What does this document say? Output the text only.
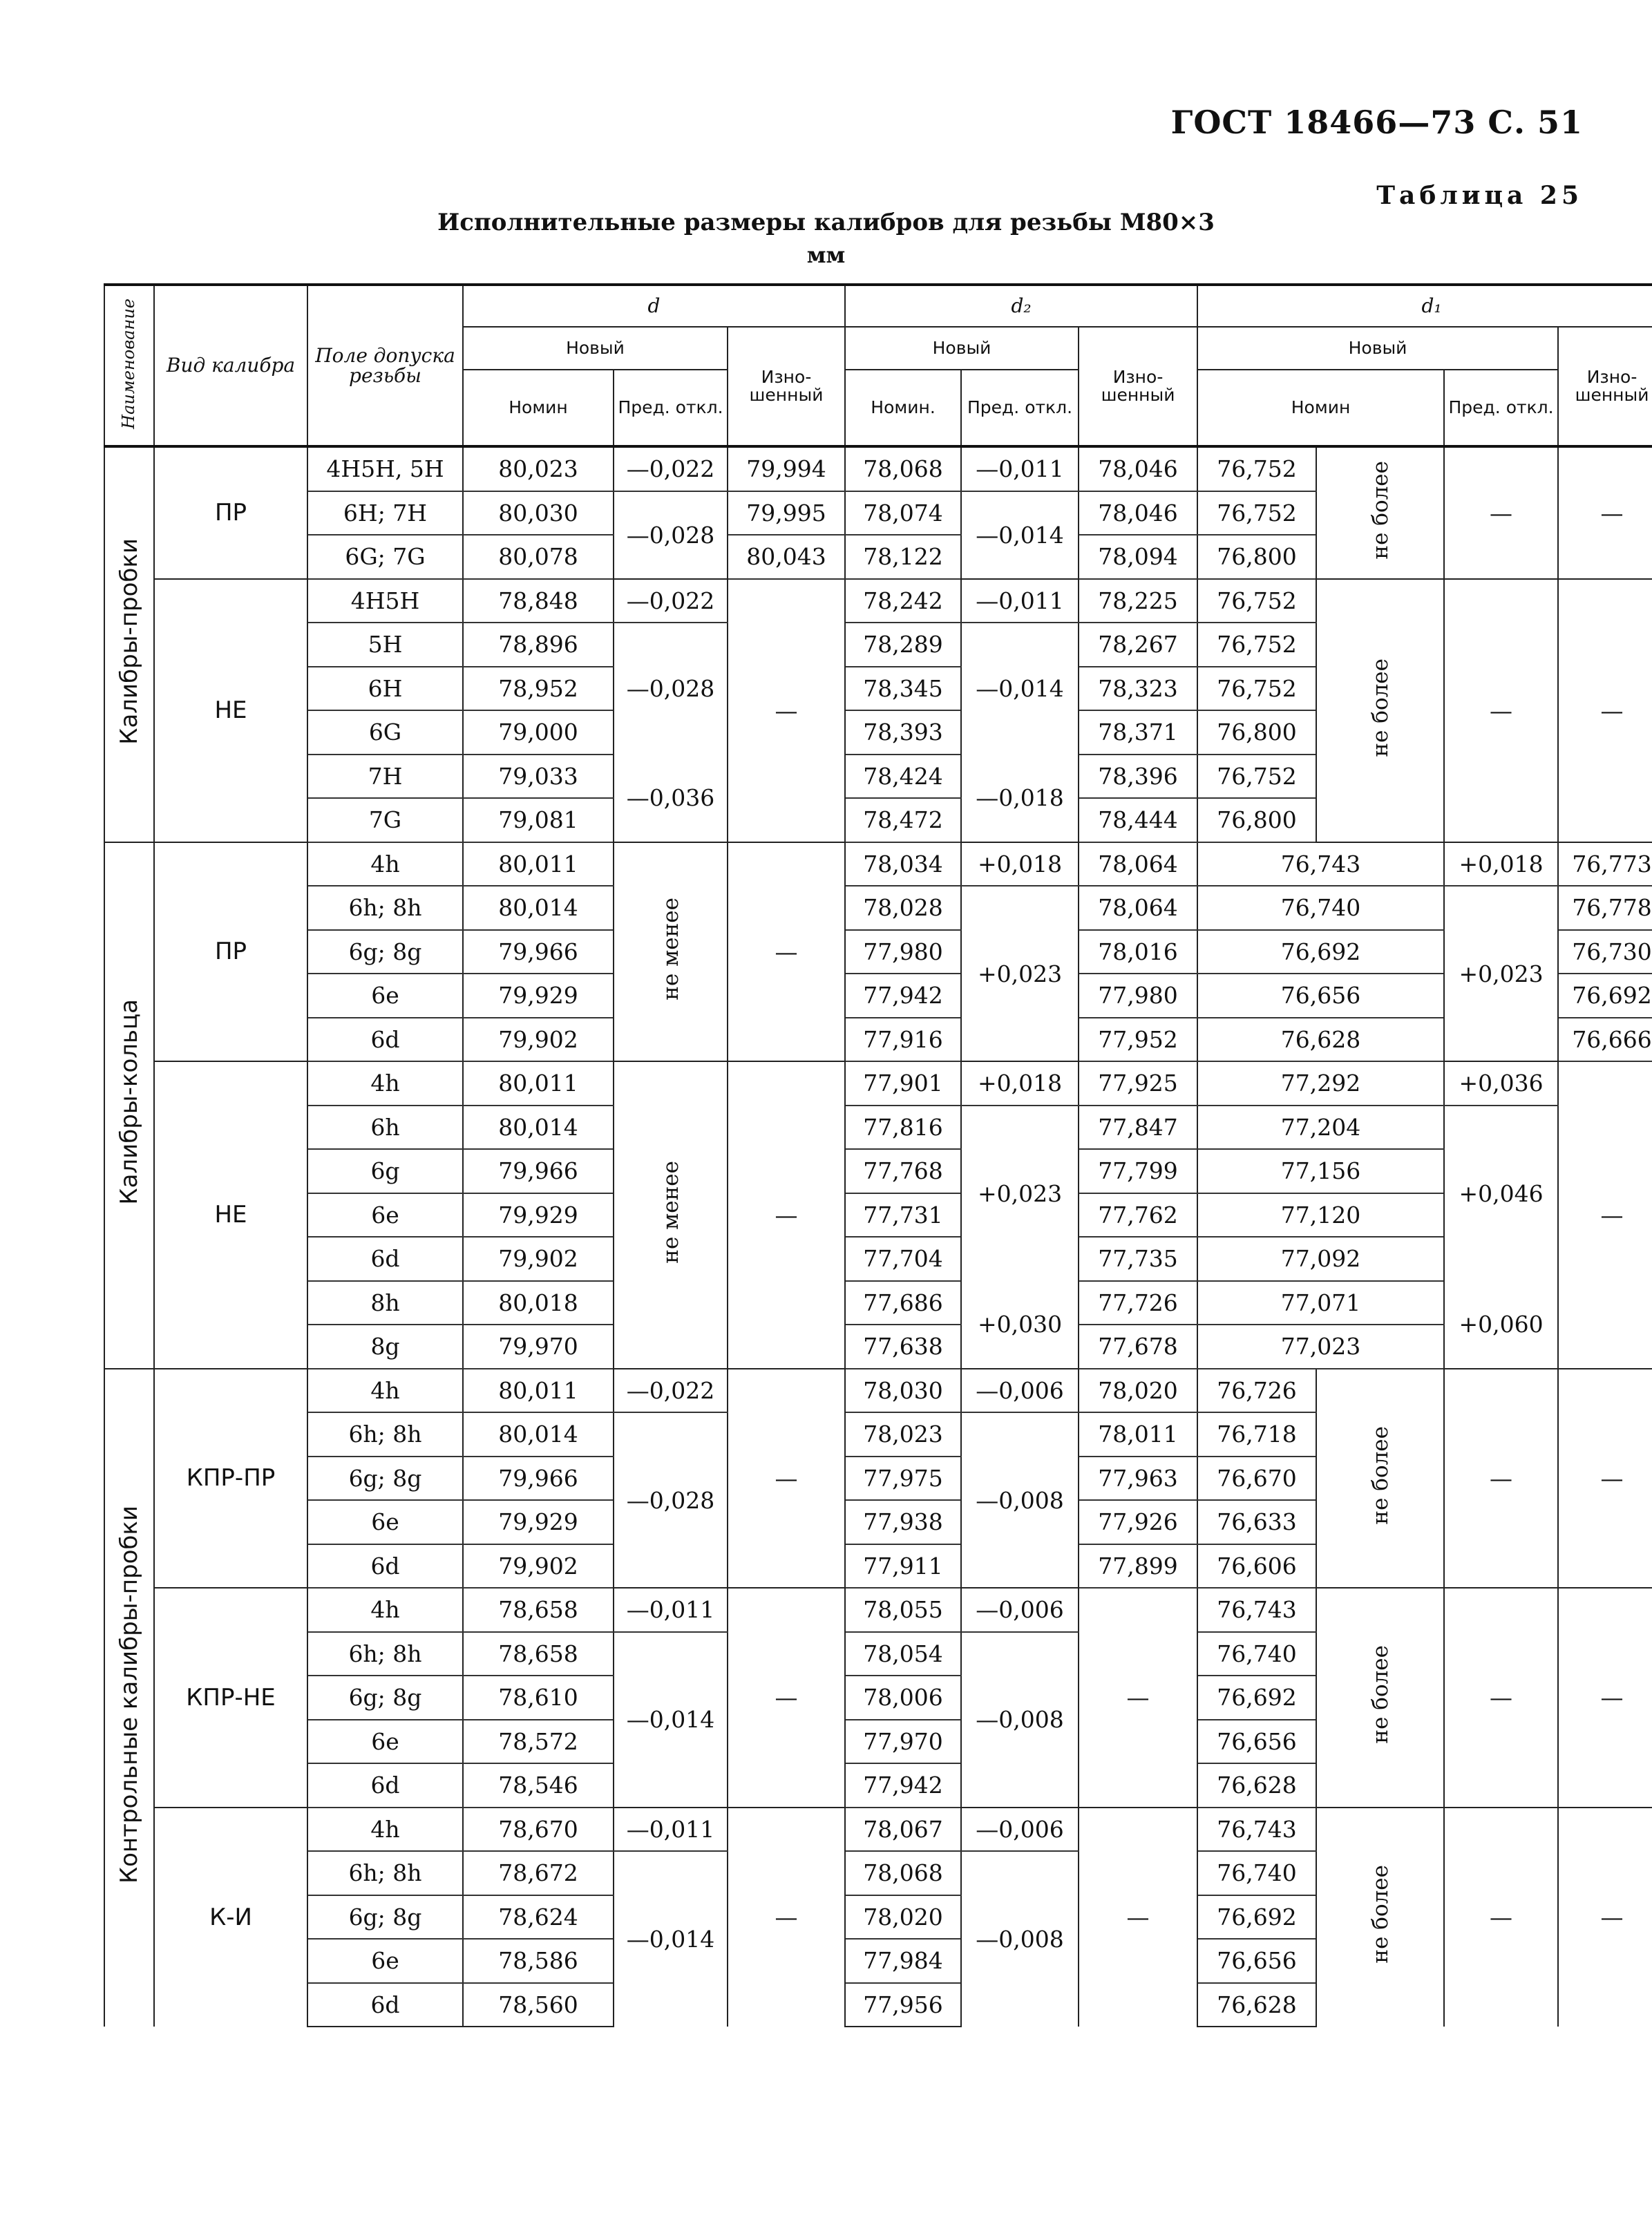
ГОСТ 18466—73 С. 51
Таблица 25
Исполнительные размеры калибров для резьбы М80×3
мм
Наименование	Вид калибра	Поле допуска резьбы	d			d₂			d₁			
			Новый		Изношенный	Новый		Изношенный	Новый			Изношенный
			Номин	Пред. откл.		Номин.	Пред. откл.		Номин		Пред. откл.	
Калибры-пробки	ПР	4H5H, 5H	80,023	—0,022	79,994	78,068	—0,011	78,046	76,752	не более	—	—
		6H; 7H	80,030	—0,028	79,995	78,074	—0,014	78,046	76,752			
		6G; 7G	80,078		80,043	78,122		78,094	76,800			
	НЕ	4H5H	78,848	—0,022	—	78,242	—0,011	78,225	76,752	не более	—	—
		5H	78,896	—0,028		78,289	—0,014	78,267	76,752			
		6H	78,952			78,345		78,323	76,752			
		6G	79,000			78,393		78,371	76,800			
		7H	79,033	—0,036		78,424	—0,018	78,396	76,752			
		7G	79,081			78,472		78,444	76,800			
Калибры-кольца	ПР	4h	80,011	не менее	—	78,034	+0,018	78,064	76,743		+0,018	76,773
		6h; 8h	80,014			78,028	+0,023	78,064	76,740		+0,023	76,778
		6g; 8g	79,966			77,980		78,016	76,692			76,730
		6e	79,929			77,942		77,980	76,656			76,692
		6d	79,902			77,916		77,952	76,628			76,666
	НЕ	4h	80,011	не менее	—	77,901	+0,018	77,925	77,292		+0,036	—
		6h	80,014			77,816	+0,023	77,847	77,204		+0,046	
		6g	79,966			77,768		77,799	77,156			
		6e	79,929			77,731		77,762	77,120			
		6d	79,902			77,704		77,735	77,092			
		8h	80,018			77,686	+0,030	77,726	77,071		+0,060	
		8g	79,970			77,638		77,678	77,023			
Контрольные калибры-пробки	КПР-ПР	4h	80,011	—0,022	—	78,030	—0,006	78,020	76,726	не более	—	—
		6h; 8h	80,014	—0,028		78,023	—0,008	78,011	76,718			
		6g; 8g	79,966			77,975		77,963	76,670			
		6e	79,929			77,938		77,926	76,633			
		6d	79,902			77,911		77,899	76,606			
	КПР-НЕ	4h	78,658	—0,011	—	78,055	—0,006	—	76,743	не более	—	—
		6h; 8h	78,658	—0,014		78,054	—0,008		76,740			
		6g; 8g	78,610			78,006			76,692			
		6e	78,572			77,970			76,656			
		6d	78,546			77,942			76,628			
	К-И	4h	78,670	—0,011	—	78,067	—0,006	—	76,743	не более	—	—
		6h; 8h	78,672	—0,014		78,068	—0,008		76,740			
		6g; 8g	78,624			78,020			76,692			
		6e	78,586			77,984			76,656			
		6d	78,560			77,956			76,628			
